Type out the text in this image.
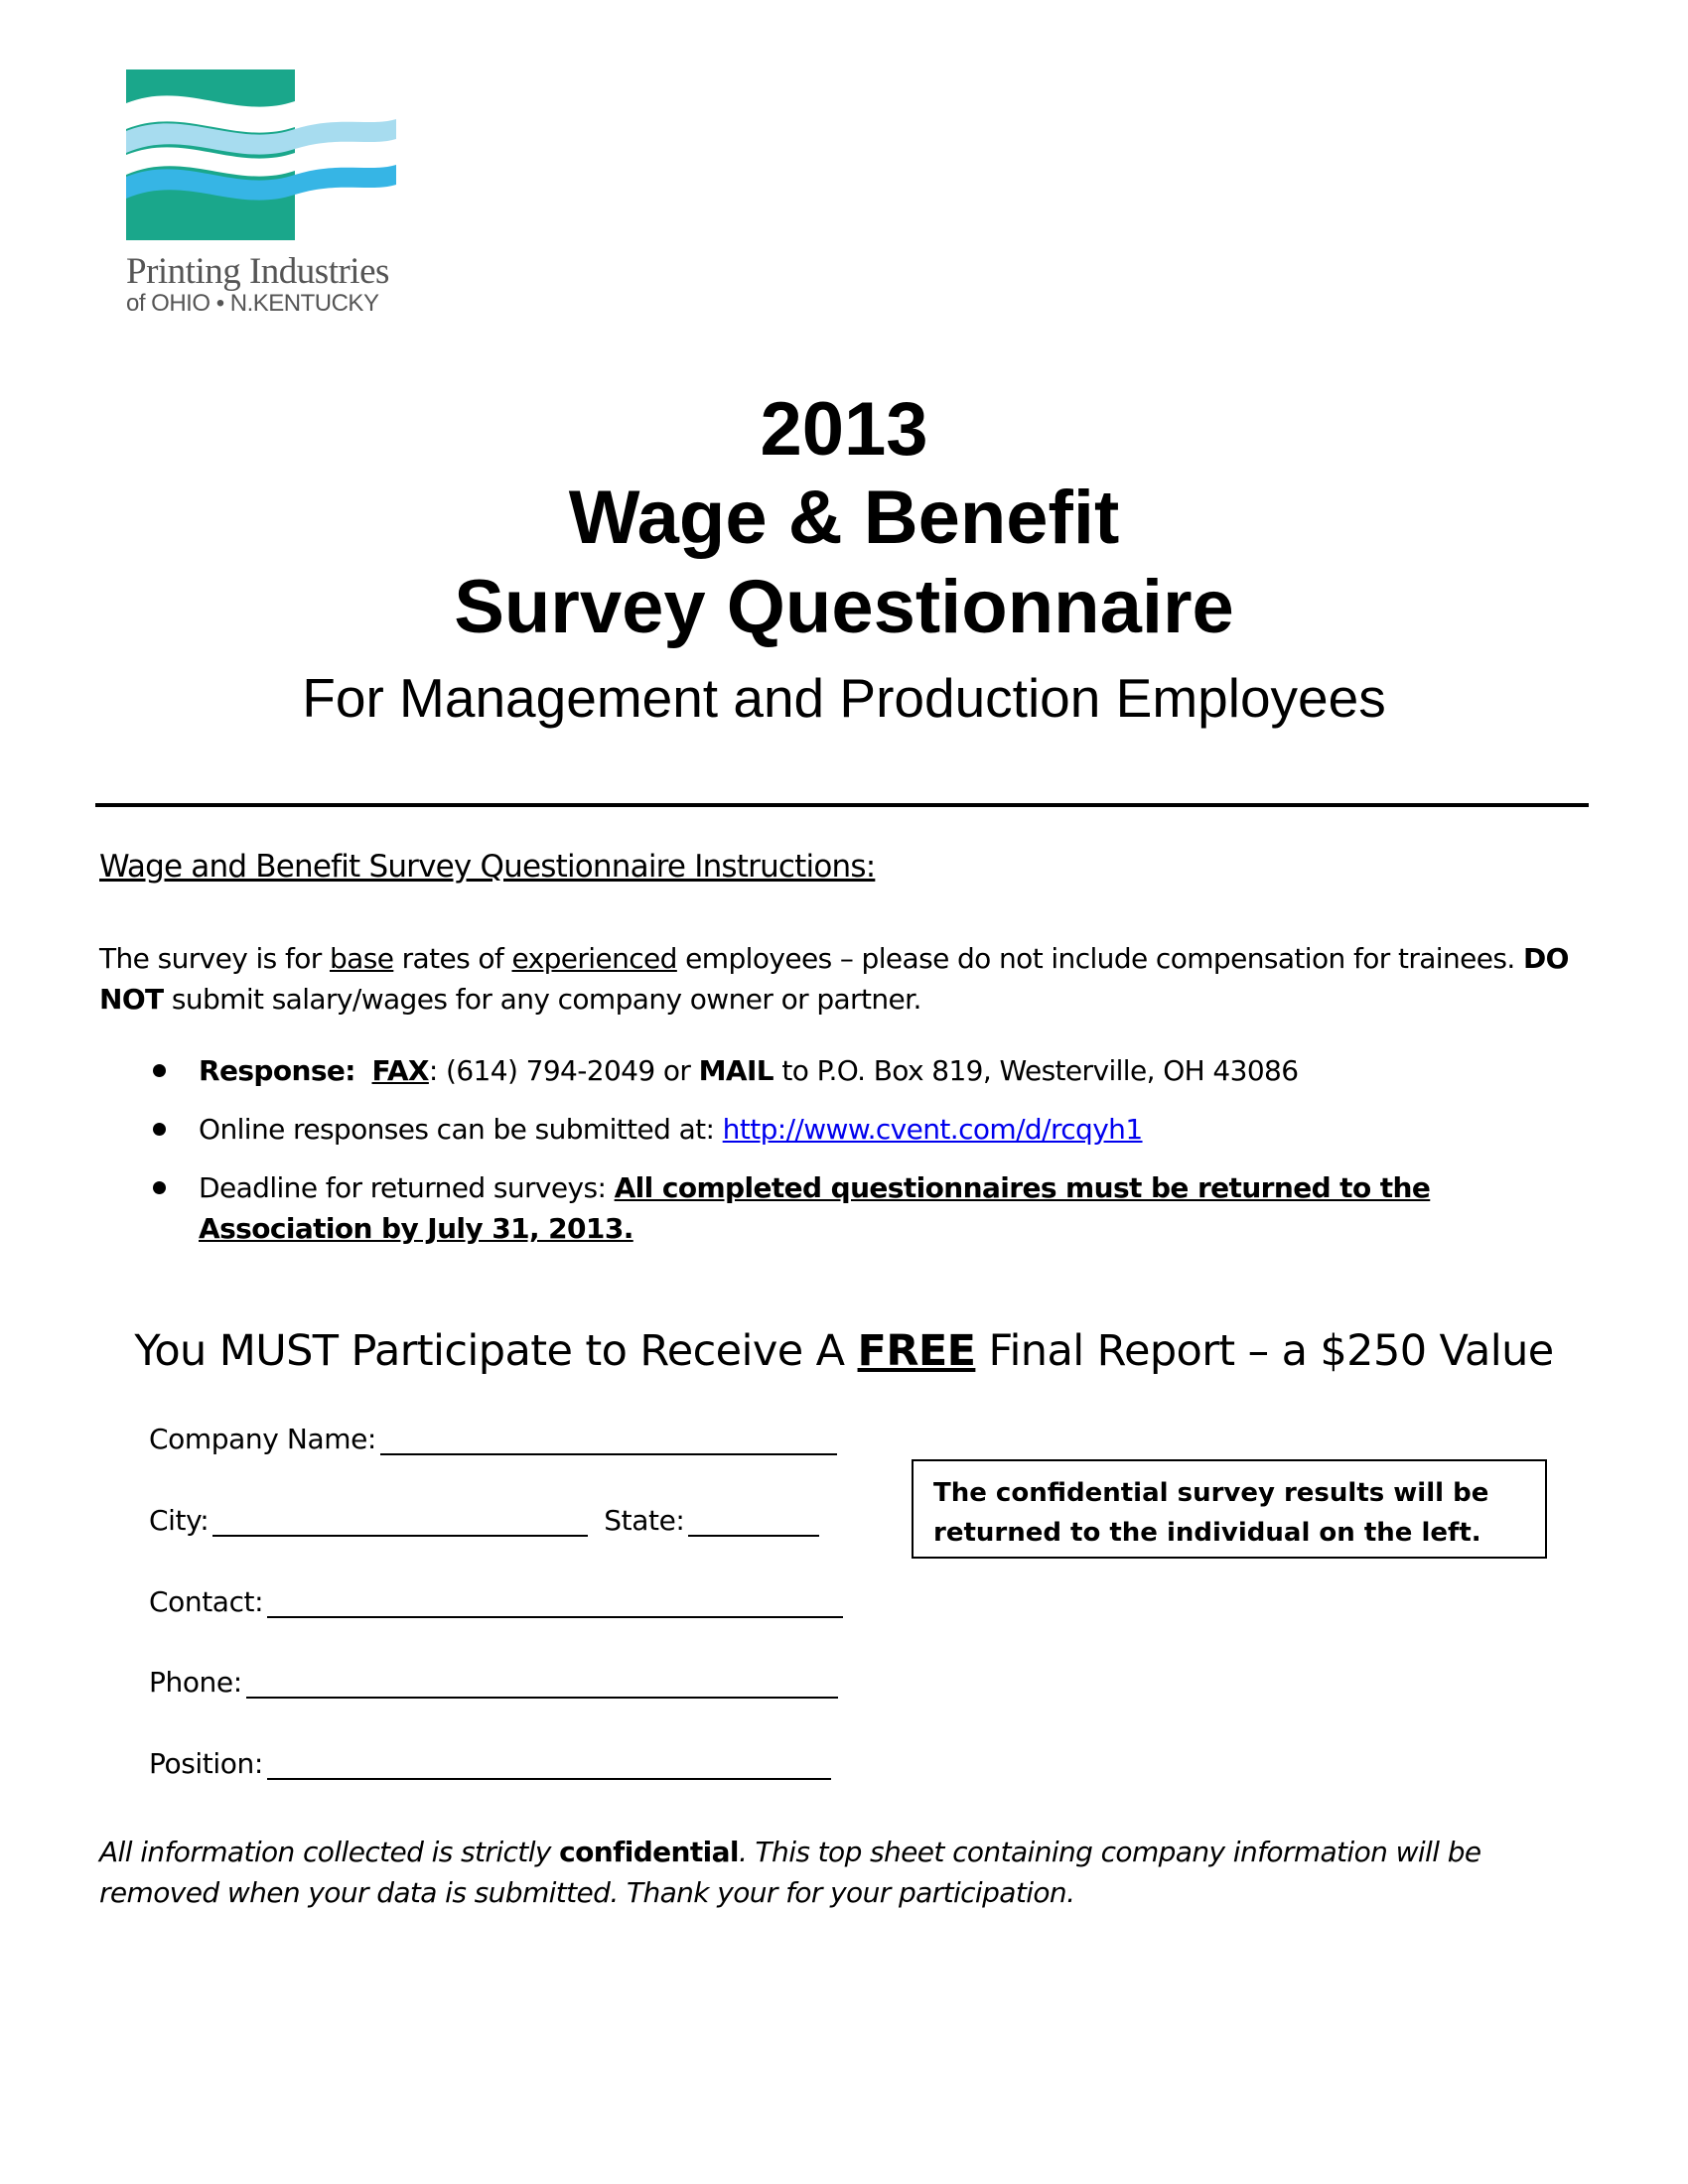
Printing Industries
of OHIO • N.KENTUCKY
2013
Wage & Benefit
Survey Questionnaire
For Management and Production Employees
Wage and Benefit Survey Questionnaire Instructions:
The survey is for base rates of experienced employees – please do not include compensation for trainees. DO NOT submit salary/wages for any company owner or partner.
Response: FAX: (614) 794-2049 or MAIL to P.O. Box 819, Westerville, OH 43086
Online responses can be submitted at: http://www.cvent.com/d/rcqyh1
Deadline for returned surveys: All completed questionnaires must be returned to the Association by July 31, 2013.
You MUST Participate to Receive A FREE Final Report – a $250 Value
Company Name:
City:	State:
Contact:
Phone:
Position:
The confidential survey results will be returned to the individual on the left.
All information collected is strictly confidential. This top sheet containing company information will be removed when your data is submitted. Thank your for your participation.
